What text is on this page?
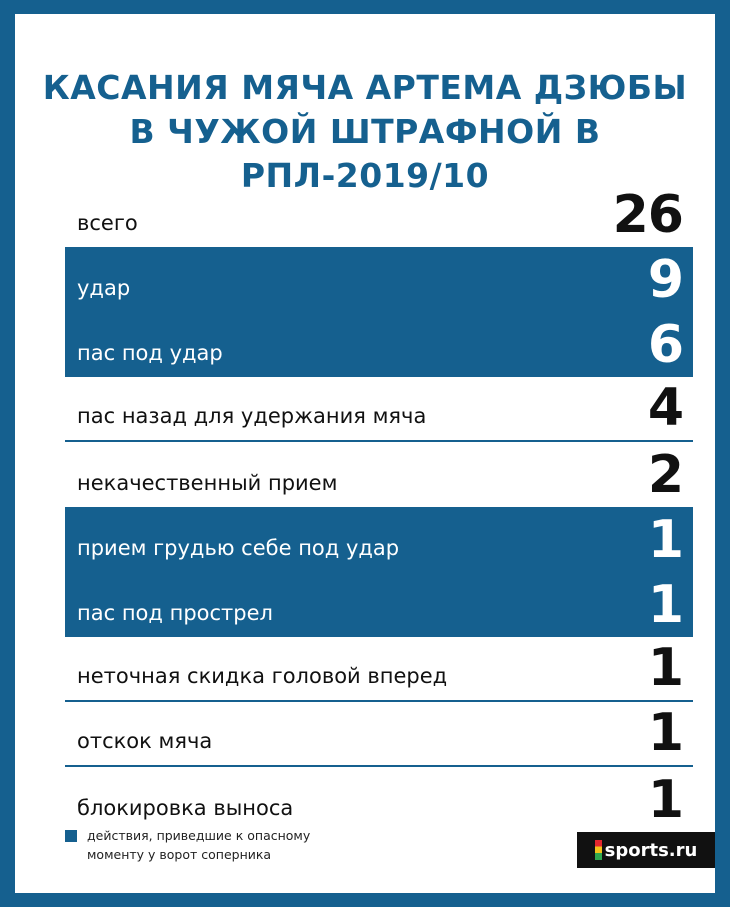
КАСАНИЯ МЯЧА АРТЕМА ДЗЮБЫ
В ЧУЖОЙ ШТРАФНОЙ В РПЛ-2019/10
всего	26
удар	9
пас под удар	6
пас назад для удержания мяча	4
некачественный прием	2
прием грудью себе под удар	1
пас под прострел	1
неточная скидка головой вперед	1
отскок мяча	1
блокировка выноса	1
действия, приведшие к опасному
моменту у ворот соперника	sports.ru
